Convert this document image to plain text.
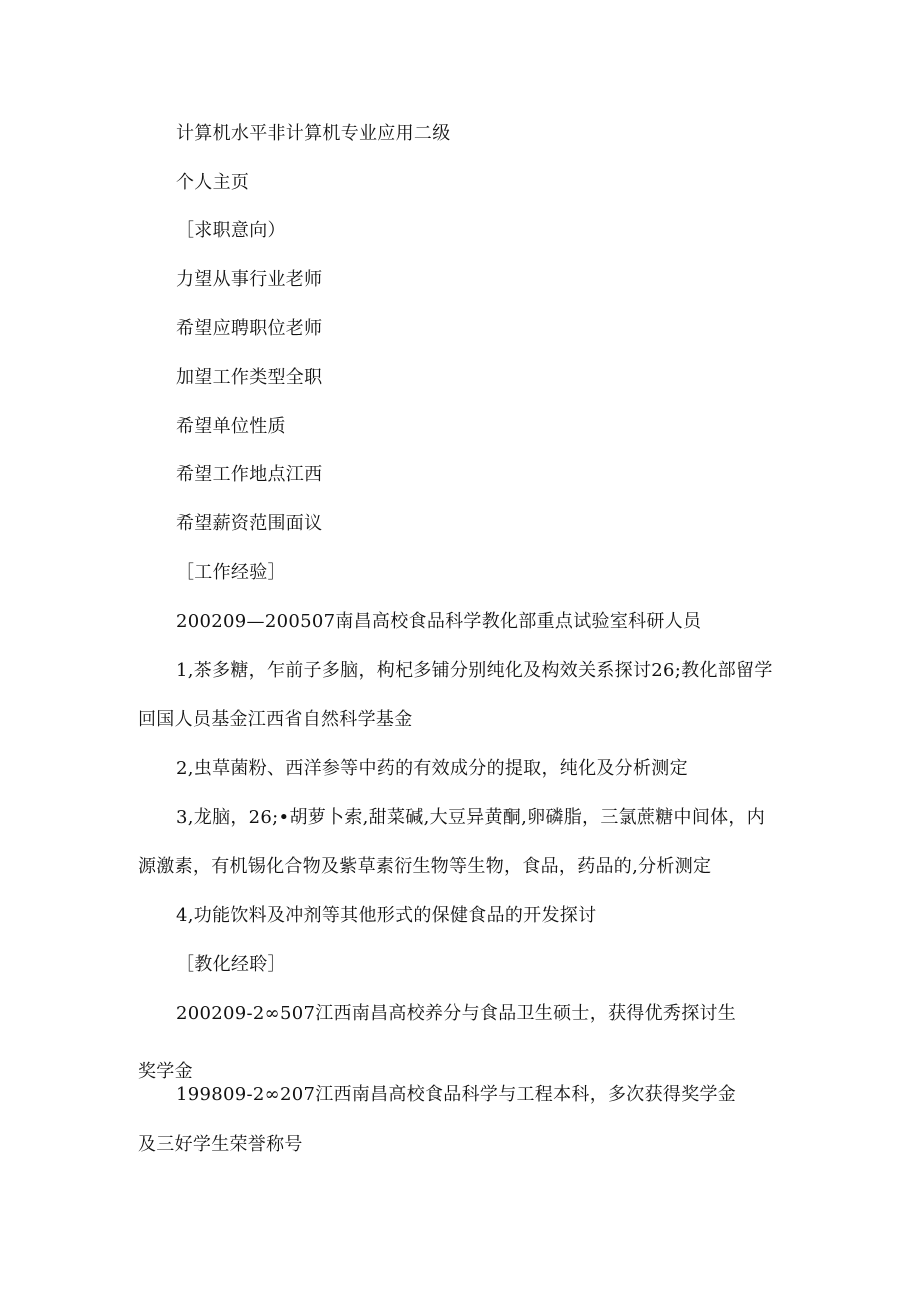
计算机水平非计算机专业应用二级
个人主页
［求职意向）
力望从事行业老师
希望应聘职位老师
加望工作类型全职
希望单位性质
希望工作地点江西
希望薪资范围面议
［工作经验］
200209—200507南昌高校食品科学教化部重点试验室科研人员
1,茶多糖，乍前子多脑，枸杞多铺分别纯化及构效关系探讨26;教化部留学
回国人员基金江西省自然科学基金
2,虫草菌粉、西洋参等中药的有效成分的提取，纯化及分析测定
3,龙脑，26;•胡萝卜索,甜菜碱,大豆异黄酮,卵磷脂，三氯蔗糖中间体，内
源激素，有机锡化合物及紫草素衍生物等生物，食品，药品的,分析测定
4,功能饮料及冲剂等其他形式的保健食品的开发探讨
［教化经聆］
200209-2∞507江西南昌高校养分与食品卫生硕士，获得优秀探讨生
奖学金
199809-2∞207江西南昌高校食品科学与工程本科，多次获得奖学金
及三好学生荣誉称号
